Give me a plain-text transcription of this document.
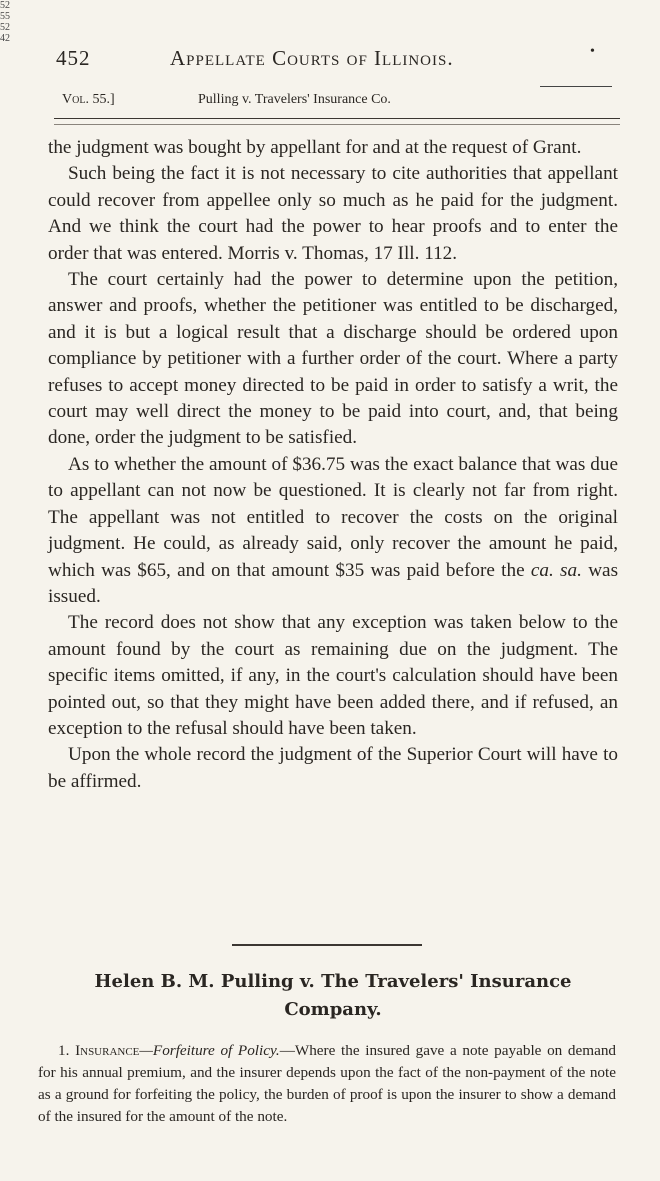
52
55
52
42
452	Appellate Courts of Illinois.	•
Vol. 55.]	Pulling v. Travelers' Insurance Co.

the judgment was bought by appellant for and at the request of Grant.

Such being the fact it is not necessary to cite authorities that appellant could recover from appellee only so much as he paid for the judgment. And we think the court had the power to hear proofs and to enter the order that was entered. Morris v. Thomas, 17 Ill. 112.

The court certainly had the power to determine upon the petition, answer and proofs, whether the petitioner was entitled to be discharged, and it is but a logical result that a discharge should be ordered upon compliance by petitioner with a further order of the court. Where a party refuses to accept money directed to be paid in order to satisfy a writ, the court may well direct the money to be paid into court, and, that being done, order the judgment to be satisfied.

As to whether the amount of $36.75 was the exact balance that was due to appellant can not now be questioned. It is clearly not far from right. The appellant was not entitled to recover the costs on the original judgment. He could, as already said, only recover the amount he paid, which was $65, and on that amount $35 was paid before the ca. sa. was issued.

The record does not show that any exception was taken below to the amount found by the court as remaining due on the judgment. The specific items omitted, if any, in the court's calculation should have been pointed out, so that they might have been added there, and if refused, an exception to the refusal should have been taken.

Upon the whole record the judgment of the Superior Court will have to be affirmed.

Helen B. M. Pulling v. The Travelers' Insurance Company.
1. Insurance—Forfeiture of Policy.—Where the insured gave a note payable on demand for his annual premium, and the insurer depends upon the fact of the non-payment of the note as a ground for forfeiting the policy, the burden of proof is upon the insurer to show a demand of the insured for the amount of the note.
